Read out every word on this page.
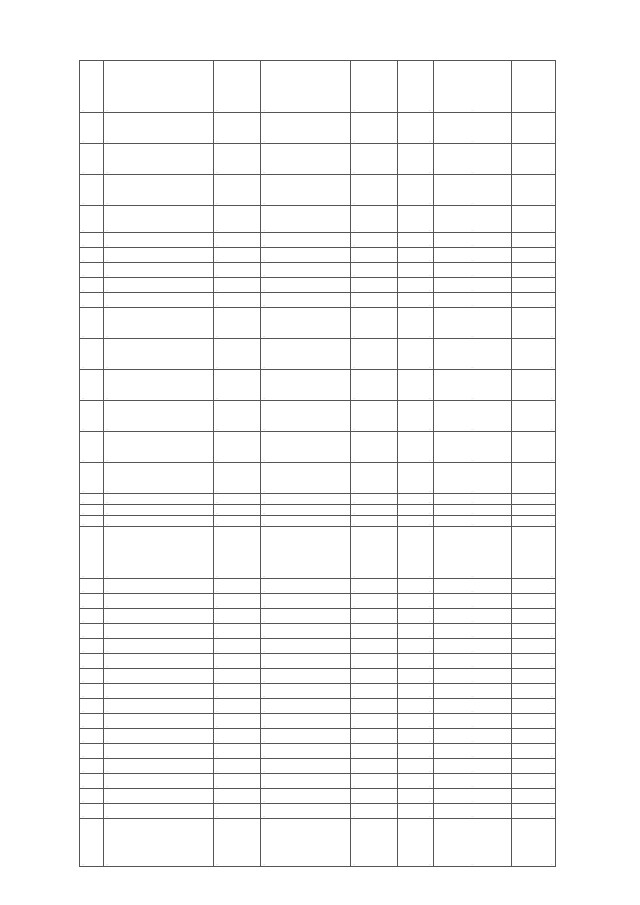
...	...	...	...	...	...	...	...
...	...	...	...	...	...	...	...
...	...	...	...	...	...	...	...
...	...	...	...	...	...	...	...
...	...	...	...	...	...	...	...
...	...	...	...	...	...	...	...
...	...	...	...	...	...	...	...
...	...	...	...	...	...	...	...
...	...	...	...	...	...	...	...
...	...	...	...	...	...	...	...
...	...	...	...	...	...	...	...
...	...	...	...	...	...	...	...
...	...	...	...	...	...	...	...
...	...	...	...	...	...	...	...
...	...	...	...	...	...	...	...
...	...	...	...	...	...	...	...
...	...	...	...	...	...	...	...
...	...	...	...	...	...	...	...
...	...	...	...	...	...	...	...
...	...	...	...	...	...	...	...
...	...	...	...	...	...	...	...
...	...	...	...	...	...	...	...
...	...	...	...	...	...	...	...
...	...	...	...	...	...	...	...
...	...	...	...	...	...	...	...
...	...	...	...	...	...	...	...
...	...	...	...	...	...	...	...
...	...	...	...	...	...	...	...
...	...	...	...	...	...	...	...
...	...	...	...	...	...	...	...
...	...	...	...	...	...	...	...
...	...	...	...	...	...	...	...
...	...	...	...	...	...	...	...
...	...	...	...	...	...	...	...
...	...	...	...	...	...	...	...
...	...	...	...	...	...	...	...
...	...	...	...	...	...	...	...
